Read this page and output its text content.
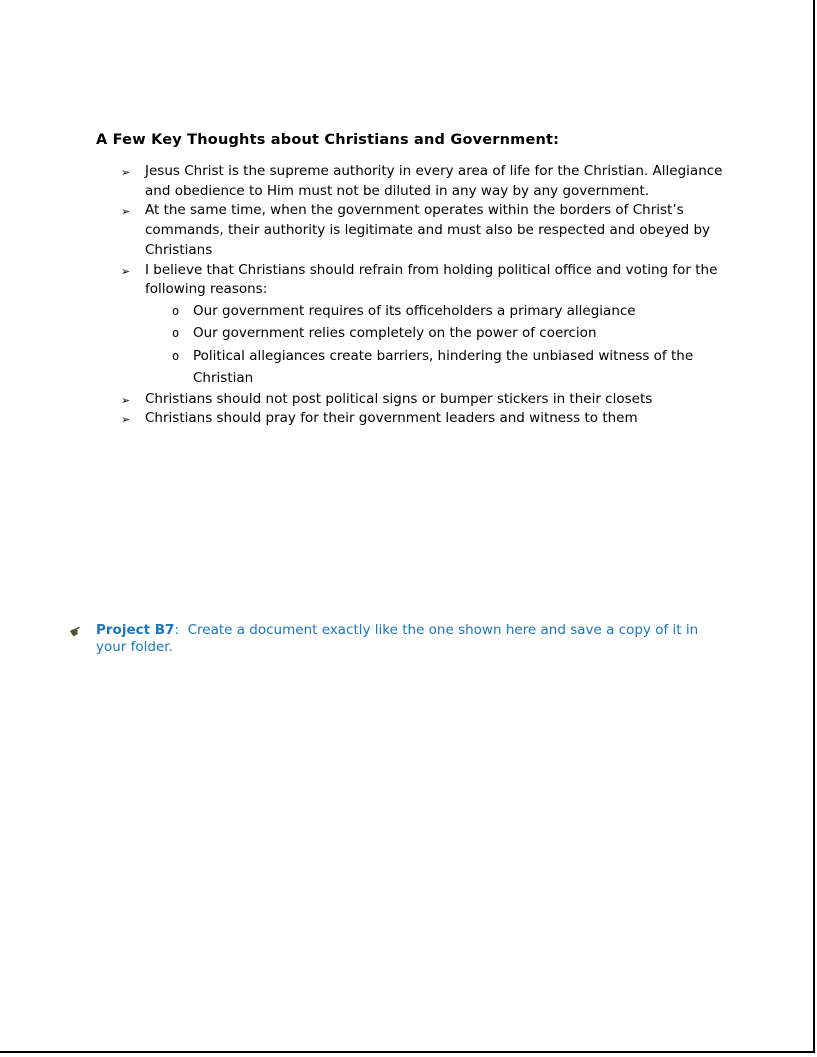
A Few Key Thoughts about Christians and Government:
➢ Jesus Christ is the supreme authority in every area of life for the Christian. Allegiance and obedience to Him must not be diluted in any way by any government.
➢ At the same time, when the government operates within the borders of Christ’s commands, their authority is legitimate and must also be respected and obeyed by Christians
➢ I believe that Christians should refrain from holding political office and voting for the following reasons:
o Our government requires of its officeholders a primary allegiance
o Our government relies completely on the power of coercion
o Political allegiances create barriers, hindering the unbiased witness of the Christian
➢ Christians should not post political signs or bumper stickers in their closets
➢ Christians should pray for their government leaders and witness to them
☛ Project B7:  Create a document exactly like the one shown here and save a copy of it in your folder.
